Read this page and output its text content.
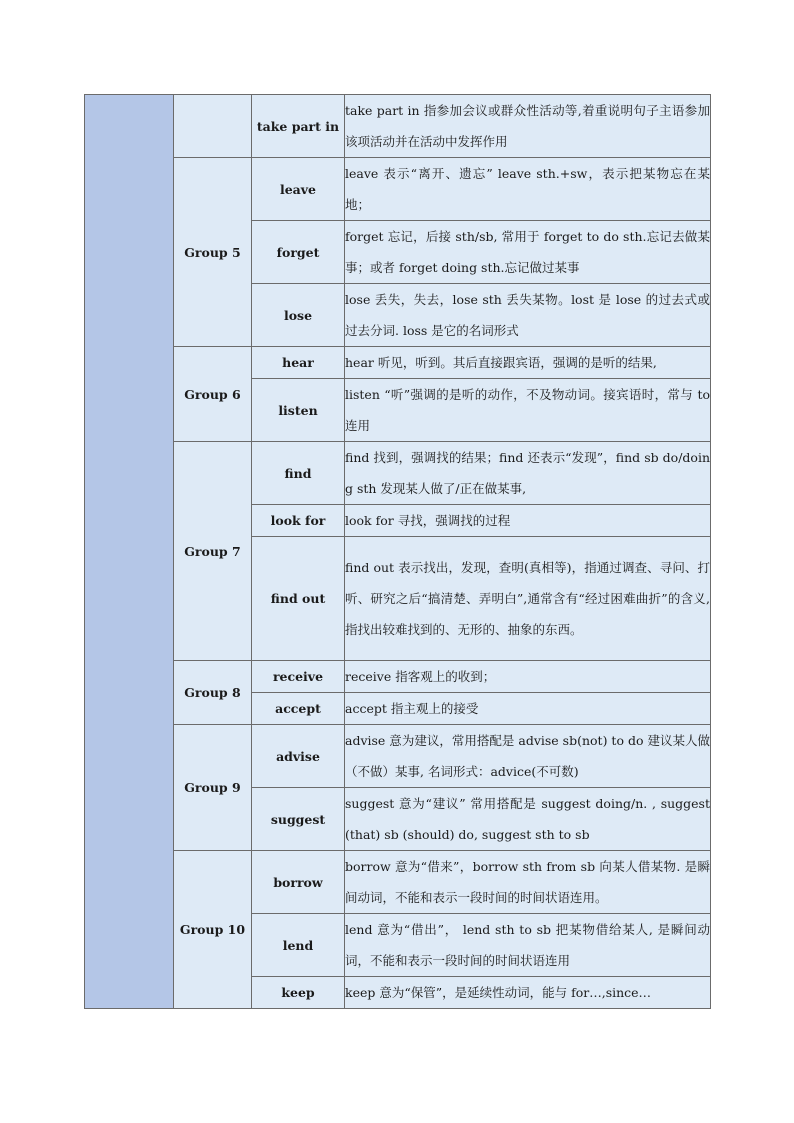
		take part in	take part in 指参加会议或群众性活动等,着重说明句子主语参加该项活动并在活动中发挥作用

	Group 5	leave	leave 表示“离开、遗忘” leave sth.+sw，表示把某物忘在某地；

		forget	forget 忘记，后接 sth/sb, 常用于 forget to do sth.忘记去做某事；或者 forget doing sth.忘记做过某事

		lose	lose 丢失，失去，lose sth 丢失某物。lost 是 lose 的过去式或过去分词. loss 是它的名词形式

	Group 6	hear	hear 听见，听到。其后直接跟宾语，强调的是听的结果,

		listen	listen “听”强调的是听的动作，不及物动词。接宾语时，常与 to 连用

	Group 7	find	find 找到，强调找的结果；find 还表示“发现”，find sb do/doing sth 发现某人做了/正在做某事,

		look for	look for 寻找，强调找的过程

		find out	find out 表示找出，发现，查明(真相等)，指通过调查、寻问、打听、研究之后“搞清楚、弄明白”,通常含有“经过困难曲折”的含义,指找出较难找到的、无形的、抽象的东西。

	Group 8	receive	receive 指客观上的收到；

		accept	accept 指主观上的接受

	Group 9	advise	advise 意为建议，常用搭配是 advise sb(not) to do 建议某人做（不做）某事, 名词形式：advice(不可数)

		suggest	suggest 意为“建议” 常用搭配是 suggest doing/n. , suggest (that) sb (should) do, suggest sth to sb

	Group 10	borrow	borrow 意为“借来”，borrow sth from sb 向某人借某物. 是瞬间动词，不能和表示一段时间的时间状语连用。

		lend	lend 意为“借出”， lend sth to sb 把某物借给某人, 是瞬间动词，不能和表示一段时间的时间状语连用

		keep	keep 意为“保管”，是延续性动词，能与 for…,since…
